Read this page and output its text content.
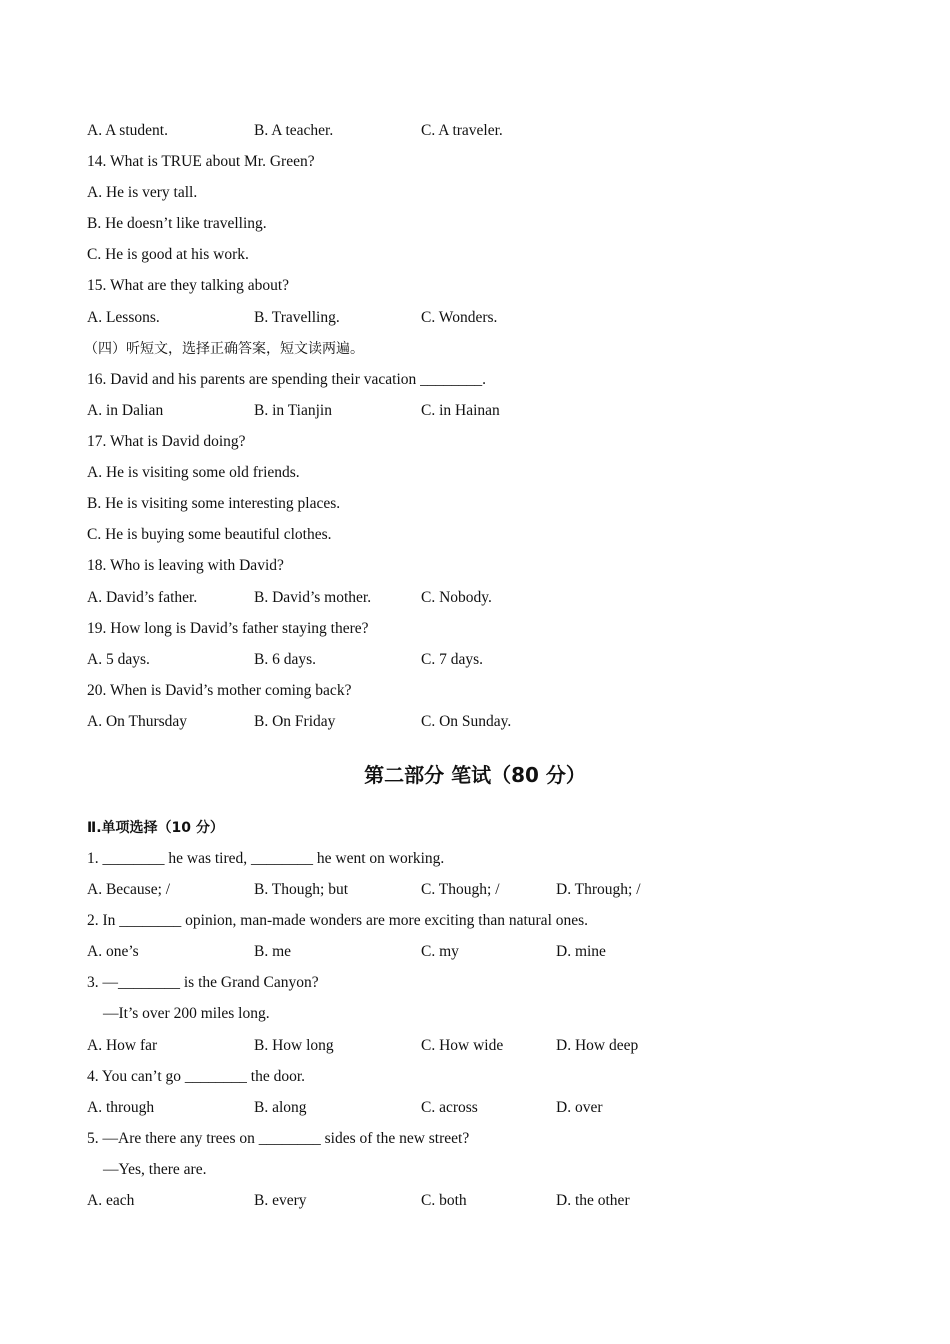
A. A student.	B. A teacher.	C. A traveler.
14. What is TRUE about Mr. Green?
A. He is very tall.
B. He doesn’t like travelling.
C. He is good at his work.
15. What are they talking about?
A. Lessons.	B. Travelling.	C. Wonders.
（四）听短文，选择正确答案，短文读两遍。
16. David and his parents are spending their vacation ________.
A. in Dalian	B. in Tianjin	C. in Hainan
17. What is David doing?
A. He is visiting some old friends.
B. He is visiting some interesting places.
C. He is buying some beautiful clothes.
18. Who is leaving with David?
A. David’s father.	B. David’s mother.	C. Nobody.
19. How long is David’s father staying there?
A. 5 days.	B. 6 days.	C. 7 days.
20. When is David’s mother coming back?
A. On Thursday	B. On Friday	C. On Sunday.
第二部分 笔试（80 分）
Ⅱ.单项选择（10 分）
1. ________ he was tired, ________ he went on working.
A. Because; /	B. Though; but	C. Though; /	D. Through; /
2. In ________ opinion, man-made wonders are more exciting than natural ones.
A. one’s	B. me	C. my	D. mine
3. —________ is the Grand Canyon?
—It’s over 200 miles long.
A. How far	B. How long	C. How wide	D. How deep
4. You can’t go ________ the door.
A. through	B. along	C. across	D. over
5. —Are there any trees on ________ sides of the new street?
—Yes, there are.
A. each	B. every	C. both	D. the other
